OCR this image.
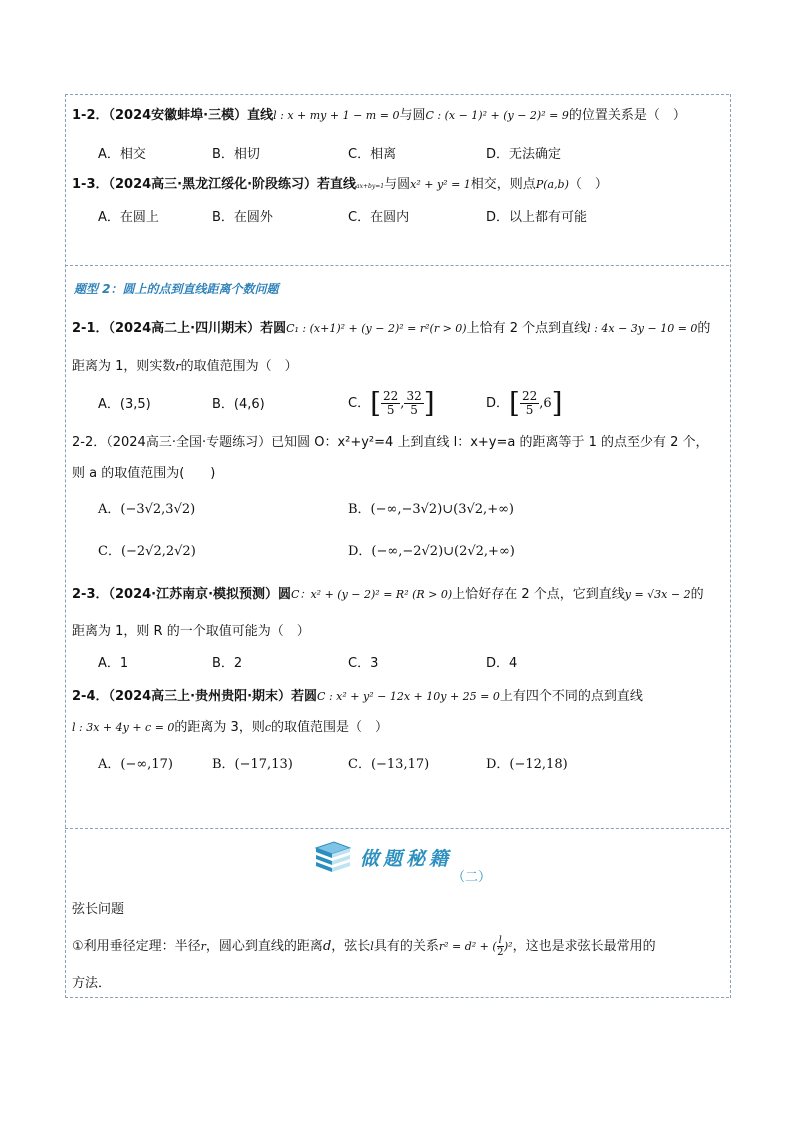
1-2．（2024安徽蚌埠·三模）直线l : x + my + 1 − m = 0与圆C : (x − 1)² + (y − 2)² = 9的位置关系是（　）
A．相交	B．相切	C．相离	D．无法确定
1-3．（2024高三·黑龙江绥化·阶段练习）若直线ax+by=1与圆x² + y² = 1相交，则点P(a,b)（　）
A．在圆上	B．在圆外	C．在圆内	D．以上都有可能
题型 2：圆上的点到直线距离个数问题
2-1．（2024高二上·四川期末）若圆C₁ : (x+1)² + (y − 2)² = r²(r > 0)上恰有 2 个点到直线l : 4x − 3y − 10 = 0的
距离为 1，则实数r的取值范围为（　）
A．(3,5)	B．(4,6)	C．[ $\frac{22}{5}$ , $\frac{32}{5}$ ]	D．[ $\frac{22}{5} ,6$]
2-2．（2024高三·全国·专题练习）已知圆 O：x²+y²=4 上到直线 l：x+y=a 的距离等于 1 的点至少有 2 个，
则 a 的取值范围为(　　)
A．(−3√2,3√2)	B．(−∞,−3√2)∪(3√2,+∞)
C．(−2√2,2√2)	D．(−∞,−2√2)∪(2√2,+∞)
2-3．（2024·江苏南京·模拟预测）圆C：x² + (y − 2)² = R² (R > 0)上恰好存在 2 个点，它到直线y = √3x − 2的
距离为 1，则 R 的一个取值可能为（　）
A．1	B．2	C．3	D．4
2-4．（2024高三上·贵州贵阳·期末）若圆C : x² + y² − 12x + 10y + 25 = 0上有四个不同的点到直线
l : 3x + 4y + c = 0的距离为 3，则c的取值范围是（　）
A．(−∞,17)	B．(−17,13)	C．(−13,17)	D．(−12,18)
做题秘籍
（二）
弦长问题
①利用垂径定理：半径r，圆心到直线的距离d，弦长l具有的关系r² = d² + ( $\frac{l}{2} )^2$，这也是求弦长最常用的
方法．
